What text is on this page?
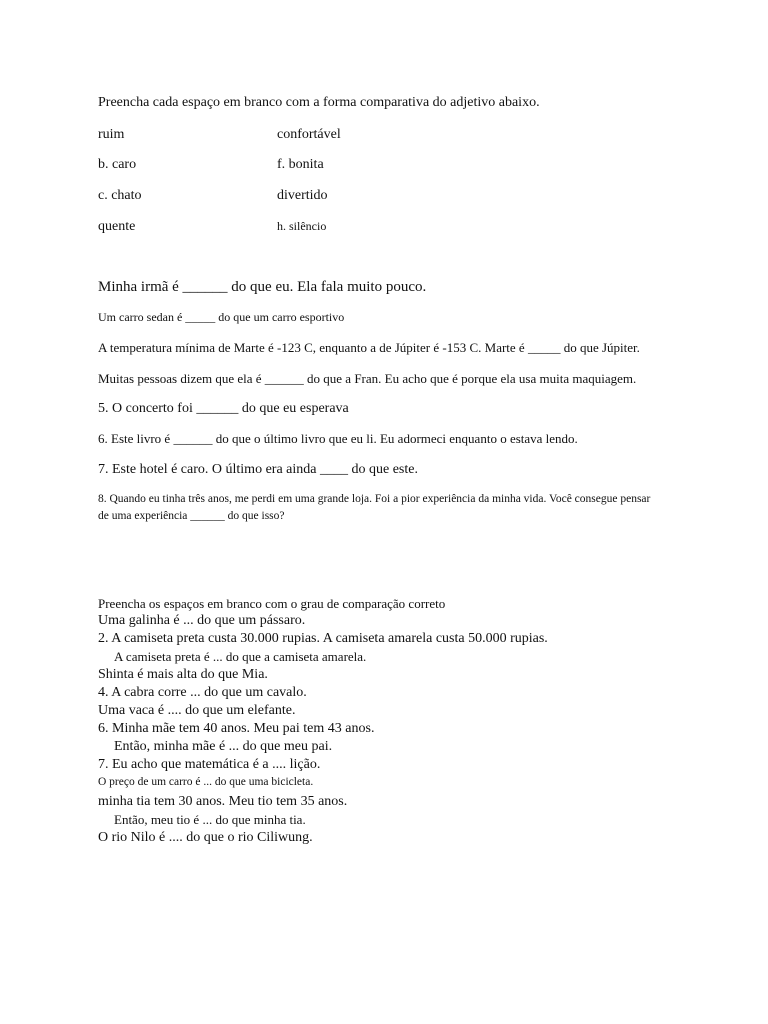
Preencha cada espaço em branco com a forma comparativa do adjetivo abaixo.
ruim	confortável
b. caro	f. bonita
c. chato	divertido
quente	h. silêncio
Minha irmã é ______ do que eu. Ela fala muito pouco.
Um carro sedan é _____ do que um carro esportivo
A temperatura mínima de Marte é -123 C, enquanto a de Júpiter é -153 C. Marte é _____ do que Júpiter.
Muitas pessoas dizem que ela é ______ do que a Fran. Eu acho que é porque ela usa muita maquiagem.
5. O concerto foi ______ do que eu esperava
6. Este livro é ______ do que o último livro que eu li. Eu adormeci enquanto o estava lendo.
7. Este hotel é caro. O último era ainda ____ do que este.
8. Quando eu tinha três anos, me perdi em uma grande loja. Foi a pior experiência da minha vida. Você consegue pensar
de uma experiência ______ do que isso?
Preencha os espaços em branco com o grau de comparação correto
Uma galinha é ... do que um pássaro.
2. A camiseta preta custa 30.000 rupias. A camiseta amarela custa 50.000 rupias.
A camiseta preta é ... do que a camiseta amarela.
Shinta é mais alta do que Mia.
4. A cabra corre ... do que um cavalo.
Uma vaca é .... do que um elefante.
6. Minha mãe tem 40 anos. Meu pai tem 43 anos.
Então, minha mãe é ... do que meu pai.
7. Eu acho que matemática é a .... lição.
O preço de um carro é ... do que uma bicicleta.
minha tia tem 30 anos. Meu tio tem 35 anos.
Então, meu tio é ... do que minha tia.
O rio Nilo é .... do que o rio Ciliwung.
